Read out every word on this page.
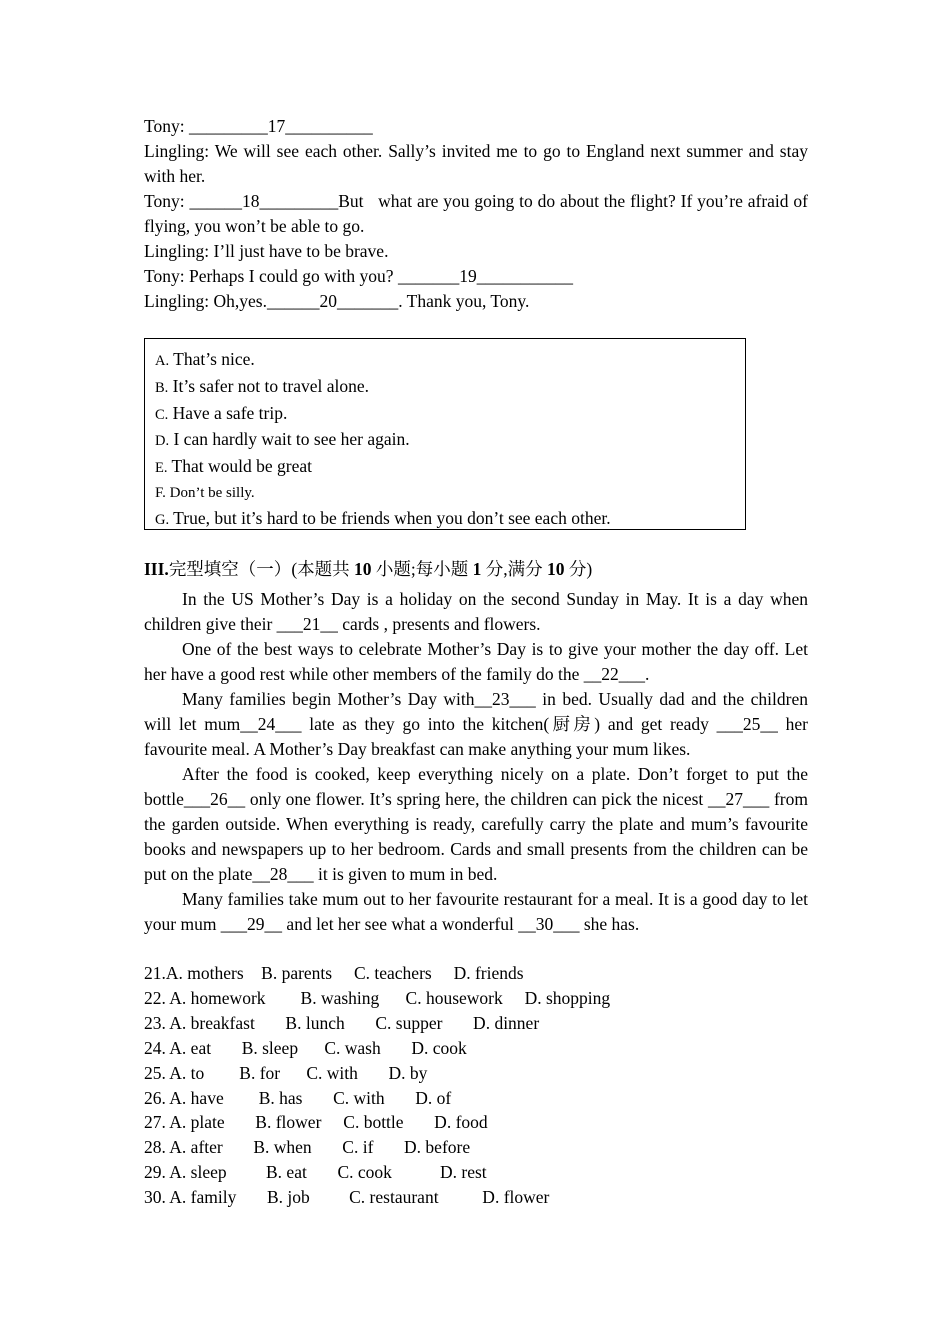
Tony: _________17__________
Lingling: We will see each other. Sally’s invited me to go to England next summer and stay with her.
Tony: ______18_________But   what are you going to do about the flight? If you’re afraid of flying, you won’t be able to go.
Lingling: I’ll just have to be brave.
Tony: Perhaps I could go with you? _______19___________
Lingling: Oh,yes.______20_______. Thank you, Tony.
A. That’s nice.
B. It’s safer not to travel alone.
C. Have a safe trip.
D. I can hardly wait to see her again.
E. That would be great
F. Don’t be silly.
G. True, but it’s hard to be friends when you don’t see each other.
III.完型填空（一）(本题共 10 小题;每小题 1 分,满分 10 分)

In the US Mother’s Day is a holiday on the second Sunday in May. It is a day when children give their ___21__ cards , presents and flowers.

One of the best ways to celebrate Mother’s Day is to give your mother the day off. Let her have a good rest while other members of the family do the __22___.

Many families begin Mother’s Day with__23___ in bed. Usually dad and the children will let mum__24___ late as they go into the kitchen(厨房) and get ready ___25__ her favourite meal. A Mother’s Day breakfast can make anything your mum likes.

After the food is cooked, keep everything nicely on a plate. Don’t forget to put the bottle___26__ only one flower. It’s spring here, the children can pick the nicest __27___ from the garden outside. When everything is ready, carefully carry the plate and mum’s favourite books and newspapers up to her bedroom. Cards and small presents from the children can be put on the plate__28___ it is given to mum in bed.

Many families take mum out to her favourite restaurant for a meal. It is a good day to let your mum ___29__ and let her see what a wonderful __30___ she has.

21.A. mothers    B. parents     C. teachers     D. friends
22. A. homework        B. washing      C. housework     D. shopping
23. A. breakfast       B. lunch       C. supper       D. dinner
24. A. eat       B. sleep      C. wash       D. cook
25. A. to        B. for      C. with       D. by
26. A. have        B. has       C. with       D. of
27. A. plate       B. flower     C. bottle       D. food
28. A. after       B. when       C. if       D. before
29. A. sleep         B. eat       C. cook           D. rest
30. A. family       B. job         C. restaurant          D. flower
